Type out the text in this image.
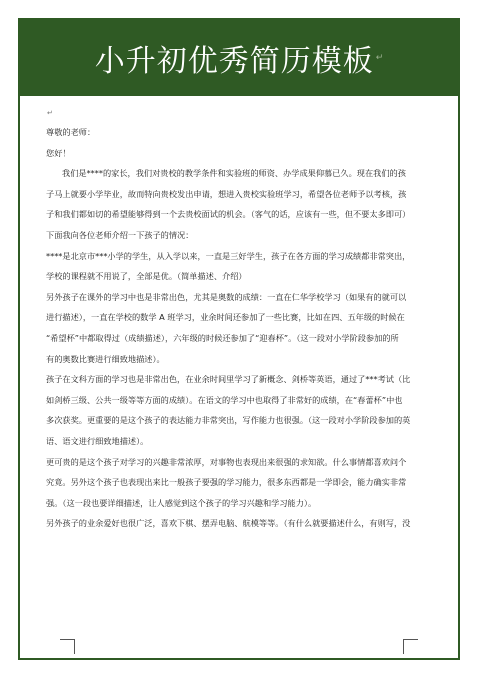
小升初优秀简历模板 ↵
↵
尊敬的老师：
您好！
我们是****的家长，我们对贵校的教学条件和实验班的师资、办学成果仰慕已久。现在我们的孩
子马上就要小学毕业，故而特向贵校发出申请，想进入贵校实验班学习，希望各位老师予以考核，孩
子和我们都如切的希望能够得到一个去贵校面试的机会。（客气的话，应该有一些，但不要太多即可）
下面我向各位老师介绍一下孩子的情况：
****是北京市***小学的学生，从入学以来，一直是三好学生，孩子在各方面的学习成绩都非常突出，
学校的课程就不用说了，全部是优。（简单描述、介绍）
另外孩子在课外的学习中也是非常出色，尤其是奥数的成绩：一直在仁华学校学习（如果有的就可以
进行描述），一直在学校的数学 A 班学习，业余时间还参加了一些比赛，比如在四、五年级的时候在
“希望杯”中都取得过（成绩描述），六年级的时候还参加了“迎春杯”。（这一段对小学阶段参加的所
有的奥数比赛进行细致地描述）。
孩子在文科方面的学习也是非常出色，在业余时间里学习了新概念、剑桥等英语，通过了***考试（比
如剑桥三级、公共一级等等方面的成绩）。在语文的学习中也取得了非常好的成绩，在“春蕾杯”中也
多次获奖。更重要的是这个孩子的表达能力非常突出，写作能力也很强。（这一段对小学阶段参加的英
语、语文进行细致地描述）。
更可贵的是这个孩子对学习的兴趣非常浓厚，对事物也表现出来很强的求知欲。什么事情都喜欢问个
究竟。另外这个孩子也表现出来比一般孩子要强的学习能力，很多东西都是一学即会，能力确实非常
强。（这一段也要详细描述，让人感觉到这个孩子的学习兴趣和学习能力）。
另外孩子的业余爱好也很广泛，喜欢下棋、摆弄电脑、航模等等。（有什么就要描述什么，有则写，没
